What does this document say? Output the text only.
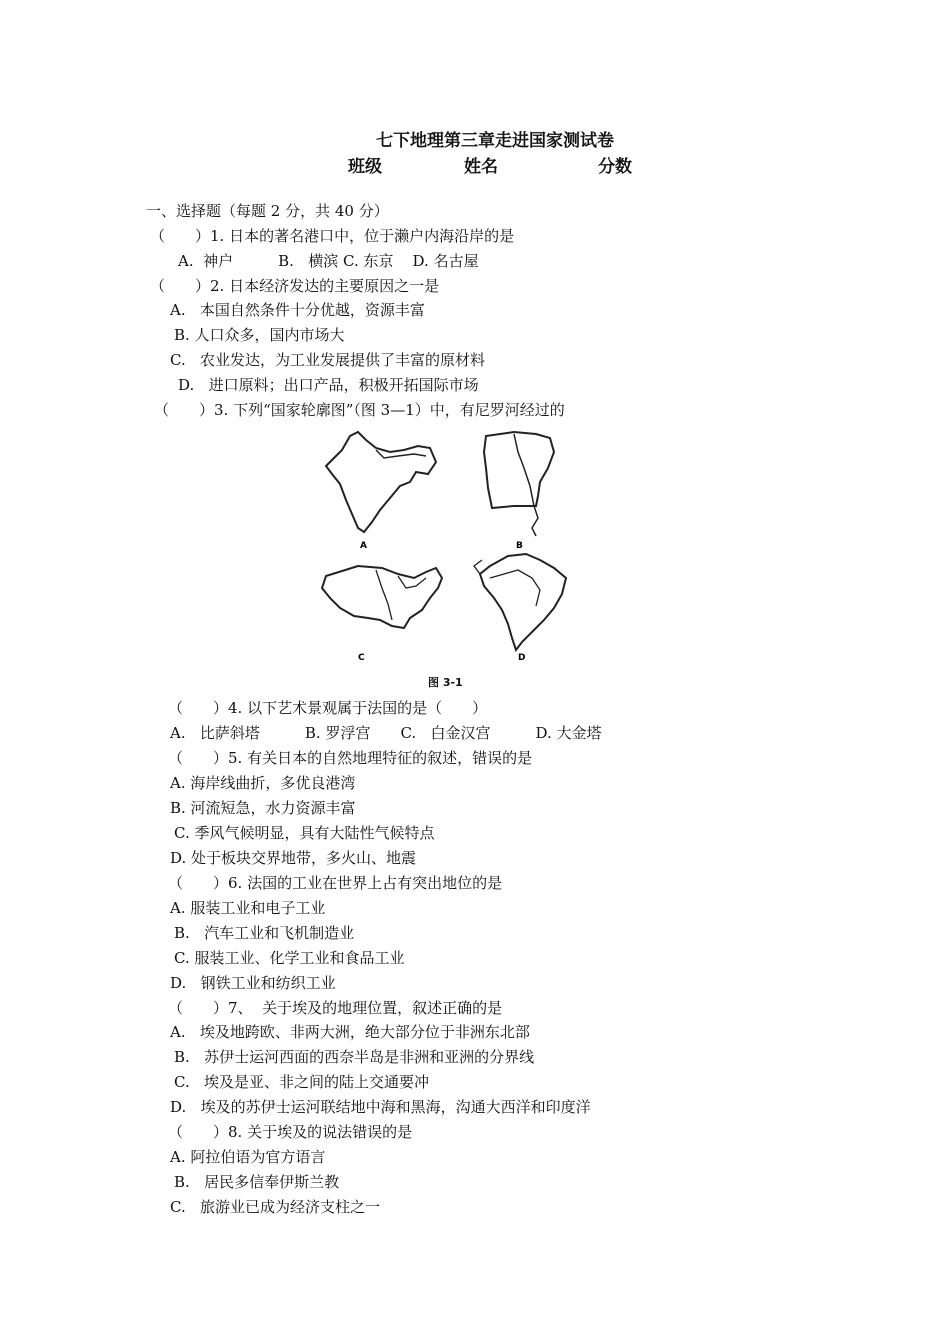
七下地理第三章走进国家测试卷
班级	姓名	分数
一、选择题（每题 2 分，共 40 分）
（　　）1. 日本的著名港口中，位于濑户内海沿岸的是
A.  神户　　　B.   横滨 C. 东京    D. 名古屋
（　　）2. 日本经济发达的主要原因之一是
A.   本国自然条件十分优越，资源丰富
B. 人口众多，国内市场大
C.   农业发达，为工业发展提供了丰富的原材料
D.   进口原料；出口产品，积极开拓国际市场
（　　）3. 下列“国家轮廓图”（图 3—1）中，有尼罗河经过的
A	B
C	D
图 3-1
（　　）4. 以下艺术景观属于法国的是（　　）
A.   比萨斜塔　　　B. 罗浮宫　　C.   白金汉宫　　　D. 大金塔
（　　）5. 有关日本的自然地理特征的叙述，错误的是
A. 海岸线曲折，多优良港湾
B. 河流短急，水力资源丰富
C. 季风气候明显，具有大陆性气候特点
D. 处于板块交界地带，多火山、地震
（　　）6. 法国的工业在世界上占有突出地位的是
A. 服装工业和电子工业
B.   汽车工业和飞机制造业
C. 服装工业、化学工业和食品工业
D.   钢铁工业和纺织工业
（　　）7、  关于埃及的地理位置，叙述正确的是
A.   埃及地跨欧、非两大洲，绝大部分位于非洲东北部
B.   苏伊士运河西面的西奈半岛是非洲和亚洲的分界线
C.   埃及是亚、非之间的陆上交通要冲
D.   埃及的苏伊士运河联结地中海和黑海，沟通大西洋和印度洋
（　　）8. 关于埃及的说法错误的是
A. 阿拉伯语为官方语言
B.   居民多信奉伊斯兰教
C.   旅游业已成为经济支柱之一
